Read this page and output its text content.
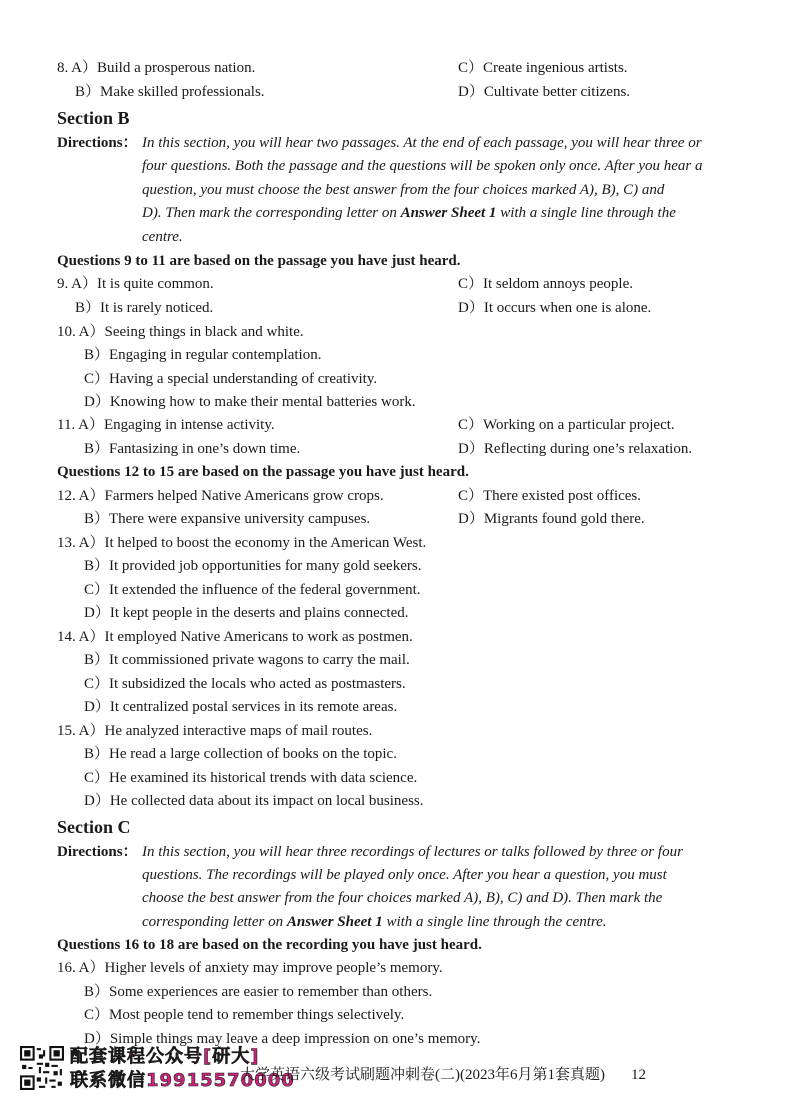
8. A）Build a prosperous nation.	C）Create ingenious artists.
B）Make skilled professionals.	D）Cultivate better citizens.
Section B
Directions： In this section, you will hear two passages. At the end of each passage, you will hear three or
four questions. Both the passage and the questions will be spoken only once. After you hear a
question, you must choose the best answer from the four choices marked A), B), C) and
D). Then mark the corresponding letter on Answer Sheet 1 with a single line through the
centre.
Questions 9 to 11 are based on the passage you have just heard.
9. A）It is quite common.	C）It seldom annoys people.
B）It is rarely noticed.	D）It occurs when one is alone.
10. A）Seeing things in black and white.
B）Engaging in regular contemplation.
C）Having a special understanding of creativity.
D）Knowing how to make their mental batteries work.
11. A）Engaging in intense activity.	C）Working on a particular project.
B）Fantasizing in one’s down time.	D）Reflecting during one’s relaxation.
Questions 12 to 15 are based on the passage you have just heard.
12. A）Farmers helped Native Americans grow crops.	C）There existed post offices.
B）There were expansive university campuses.	D）Migrants found gold there.
13. A）It helped to boost the economy in the American West.
B）It provided job opportunities for many gold seekers.
C）It extended the influence of the federal government.
D）It kept people in the deserts and plains connected.
14. A）It employed Native Americans to work as postmen.
B）It commissioned private wagons to carry the mail.
C）It subsidized the locals who acted as postmasters.
D）It centralized postal services in its remote areas.
15. A）He analyzed interactive maps of mail routes.
B）He read a large collection of books on the topic.
C）He examined its historical trends with data science.
D）He collected data about its impact on local business.
Section C
Directions： In this section, you will hear three recordings of lectures or talks followed by three or four
questions. The recordings will be played only once. After you hear a question, you must
choose the best answer from the four choices marked A), B), C) and D). Then mark the
corresponding letter on Answer Sheet 1 with a single line through the centre.
Questions 16 to 18 are based on the recording you have just heard.
16. A）Higher levels of anxiety may improve people’s memory.
B）Some experiences are easier to remember than others.
C）Most people tend to remember things selectively.
D）Simple things may leave a deep impression on one’s memory.
配套课程公众号[研大]
联系微信19915570000
大学英语六级考试刷题冲刺卷(二)(2023年6月第1套真题) 12
